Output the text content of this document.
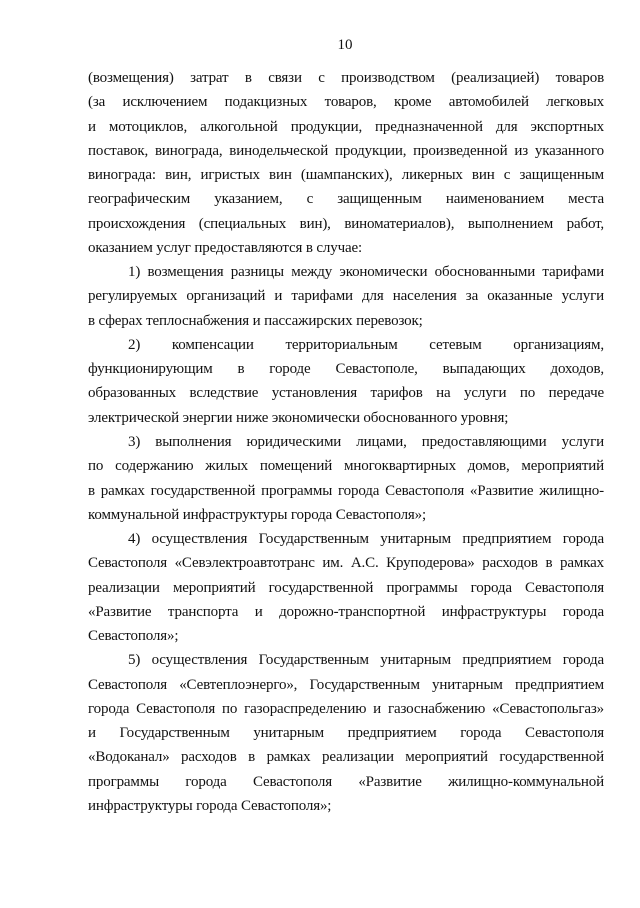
10
(возмещения) затрат в связи с производством (реализацией) товаров
(за исключением подакцизных товаров, кроме автомобилей легковых
и мотоциклов, алкогольной продукции, предназначенной для экспортных
поставок, винограда, винодельческой продукции, произведенной из указанного
винограда: вин, игристых вин (шампанских), ликерных вин с защищенным
географическим указанием, с защищенным наименованием места
происхождения (специальных вин), виноматериалов), выполнением работ,
оказанием услуг предоставляются в случае:
1) возмещения разницы между экономически обоснованными тарифами
регулируемых организаций и тарифами для населения за оказанные услуги
в сферах теплоснабжения и пассажирских перевозок;
2) компенсации территориальным сетевым организациям,
функционирующим в городе Севастополе, выпадающих доходов,
образованных вследствие установления тарифов на услуги по передаче
электрической энергии ниже экономически обоснованного уровня;
3) выполнения юридическими лицами, предоставляющими услуги
по содержанию жилых помещений многоквартирных домов, мероприятий
в рамках государственной программы города Севастополя «Развитие жилищно-
коммунальной инфраструктуры города Севастополя»;
4) осуществления Государственным унитарным предприятием города
Севастополя «Севэлектроавтотранс им. А.С. Круподерова» расходов в рамках
реализации мероприятий государственной программы города Севастополя
«Развитие транспорта и дорожно-транспортной инфраструктуры города
Севастополя»;
5) осуществления Государственным унитарным предприятием города
Севастополя «Севтеплоэнерго», Государственным унитарным предприятием
города Севастополя по газораспределению и газоснабжению «Севастопольгаз»
и Государственным унитарным предприятием города Севастополя
«Водоканал» расходов в рамках реализации мероприятий государственной
программы города Севастополя «Развитие жилищно-коммунальной
инфраструктуры города Севастополя»;
